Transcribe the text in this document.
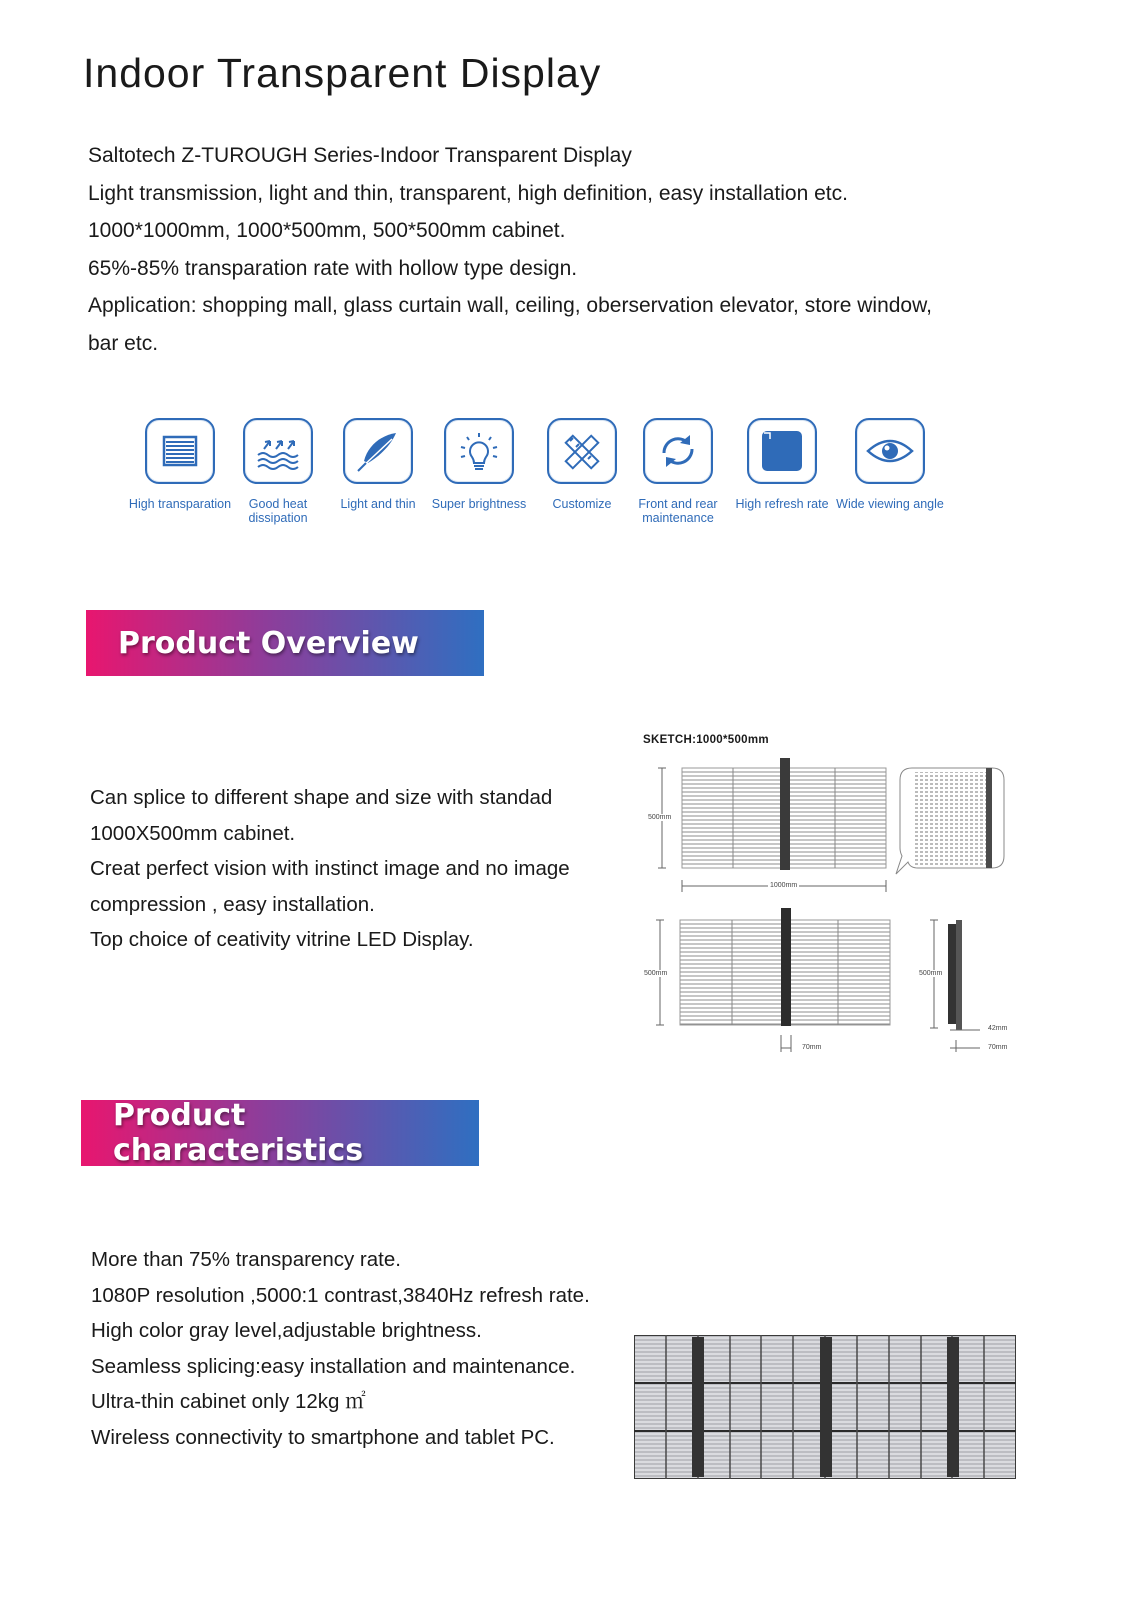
Indoor Transparent Display

Saltotech Z-TUROUGH Series-Indoor Transparent Display

Light transmission, light and thin, transparent, high definition, easy installation etc.

1000*1000mm, 1000*500mm, 500*500mm cabinet.

65%-85% transparation rate with hollow type design.

Application: shopping mall, glass curtain wall, ceiling, oberservation elevator, store window,

bar etc.

High transparation	Good heat
dissipation
Light and thin	Super brightness	Customize	Front and rear
maintenance
High refresh rate Wide viewing angle
Product Overview

Can splice to different shape and size with standad

1000X500mm cabinet.

Creat perfect vision with instinct image and no image

compression , easy installation.

Top choice of ceativity vitrine LED Display.

SKETCH:1000*500mm
500mm
1000mm
500mm	500mm
70mm
42mm
70mm
Product characteristics

More than 75% transparency rate.

1080P resolution ,5000:1 contrast,3840Hz refresh rate.

High color gray level,adjustable brightness.

Seamless splicing:easy installation and maintenance.

Ultra-thin cabinet only 12kg ㎡

Wireless connectivity to smartphone and tablet PC.
